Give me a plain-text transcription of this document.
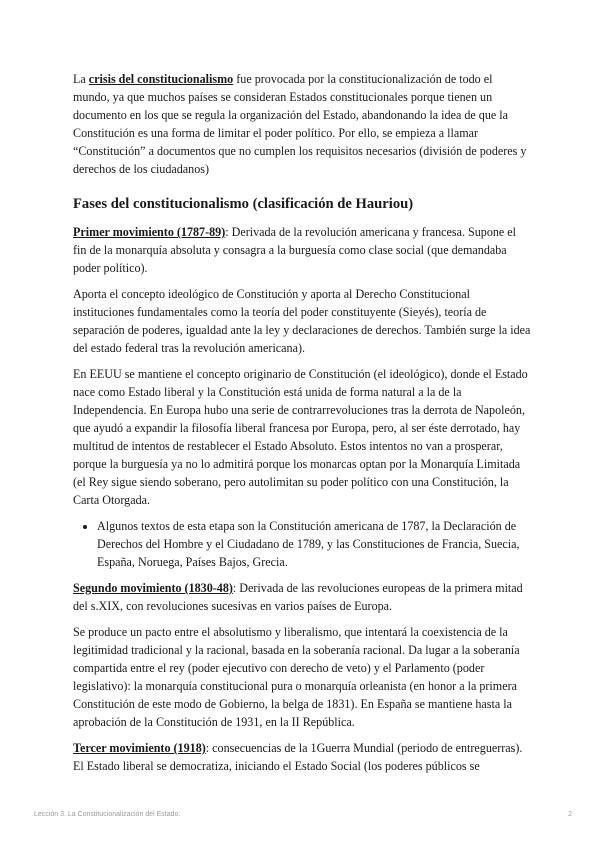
La crisis del constitucionalismo fue provocada por la constitucionalización de todo el mundo, ya que muchos países se consideran Estados constitucionales porque tienen un documento en los que se regula la organización del Estado, abandonando la idea de que la Constitución es una forma de limitar el poder político. Por ello, se empieza a llamar “Constitución” a documentos que no cumplen los requisitos necesarios (división de poderes y derechos de los ciudadanos)

Fases del constitucionalismo (clasificación de Hauriou)

Primer movimiento (1787-89): Derivada de la revolución americana y francesa. Supone el fin de la monarquía absoluta y consagra a la burguesía como clase social (que demandaba poder político).

Aporta el concepto ideológico de Constitución y aporta al Derecho Constitucional instituciones fundamentales como la teoría del poder constituyente (Sieyés), teoría de separación de poderes, igualdad ante la ley y declaraciones de derechos. También surge la idea del estado federal tras la revolución americana).

En EEUU se mantiene el concepto originario de Constitución (el ideológico), donde el Estado nace como Estado liberal y la Constitución está unida de forma natural a la de la Independencia. En Europa hubo una serie de contrarrevoluciones tras la derrota de Napoleón, que ayudó a expandir la filosofía liberal francesa por Europa, pero, al ser éste derrotado, hay multitud de intentos de restablecer el Estado Absoluto. Estos intentos no van a prosperar, porque la burguesía ya no lo admitirá porque los monarcas optan por la Monarquía Limitada (el Rey sigue siendo soberano, pero autolimitan su poder político con una Constitución, la Carta Otorgada.

• Algunos textos de esta etapa son la Constitución americana de 1787, la Declaración de Derechos del Hombre y el Ciudadano de 1789, y las Constituciones de Francia, Suecia, España, Noruega, Países Bajos, Grecia.

Segundo movimiento (1830-48): Derivada de las revoluciones europeas de la primera mitad del s.XIX, con revoluciones sucesivas en varios países de Europa.

Se produce un pacto entre el absolutismo y liberalismo, que intentará la coexistencia de la legitimidad tradicional y la racional, basada en la soberanía racional. Da lugar a la soberanía compartida entre el rey (poder ejecutivo con derecho de veto) y el Parlamento (poder legislativo): la monarquía constitucional pura o monarquía orleanista (en honor a la primera Constitución de este modo de Gobierno, la belga de 1831). En España se mantiene hasta la aprobación de la Constitución de 1931, en la II República.

Tercer movimiento (1918): consecuencias de la 1Guerra Mundial (periodo de entreguerras). El Estado liberal se democratiza, iniciando el Estado Social (los poderes públicos se

Lección 3. La Constitucionalización del Estado.	2
